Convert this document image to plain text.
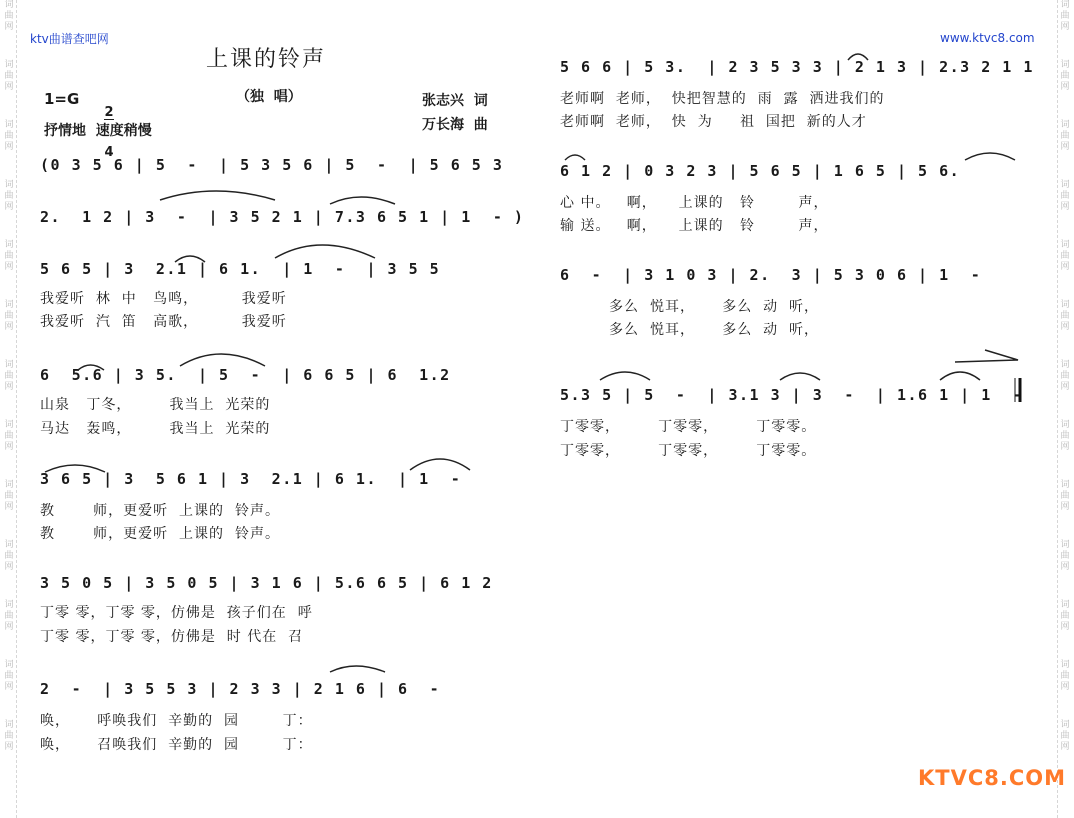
词
曲
网
词
曲
网
词
曲
网
词
曲
网
词
曲
网
词
曲
网
词
曲
网
词
曲
网
词
曲
网
词
曲
网
词
曲
网
词
曲
网
词
曲
网
词
曲
网
词
曲
网
词
曲
网
词
曲
网
词
曲
网
词
曲
网
词
曲
网
词
曲
网
词
曲
网
词
曲
网
词
曲
网
词
曲
网
词
曲
网
ktv曲谱查吧网	www.ktvc8.com
上课的铃声
（独  唱）
1=G

2

4

抒情地  速度稍慢
张志兴  词
万长海  曲
(0 3 5 6 | 5  -  | 5 3 5 6 | 5  -  | 5 6 5 3
2.  1 2 | 3  -  | 3 5 2 1 | 7.3 6 5 1 | 1  - )
5 6 5 | 3  2.1 | 6 1.  | 1  -  | 3 5 5
我爱听  林  中   鸟鸣，        我爱听
我爱听  汽  笛   高歌，        我爱听
6  5.6 | 3 5.  | 5  -  | 6 6 5 | 6  1.2
山泉   丁冬，       我当上  光荣的
马达   轰鸣，       我当上  光荣的
3 6 5 | 3  5 6 1 | 3  2.1 | 6 1.  | 1  -
教       师，更爱听  上课的  铃声。
教       师，更爱听  上课的  铃声。
3 5 0 5 | 3 5 0 5 | 3 1 6 | 5.6 6 5 | 6 1 2
丁零 零，丁零 零，仿佛是  孩子们在  呼
丁零 零，丁零 零，仿佛是  时 代在  召
2  -  | 3 5 5 3 | 2 3 3 | 2 1 6 | 6  -
唤，     呼唤我们  辛勤的  园        丁：
唤，     召唤我们  辛勤的  园        丁：
5 6 6 | 5 3.  | 2 3 5 3 3 | 2 1 3 | 2.3 2 1 1
老师啊  老师，  快把智慧的  雨  露  洒进我们的
老师啊  老师，  快  为     祖  国把  新的人才
6 1 2 | 0 3 2 3 | 5 6 5 | 1 6 5 | 5 6.
心 中。   啊，    上课的   铃        声，
输 送。   啊，    上课的   铃        声，
6  -  | 3 1 0 3 | 2.  3 | 5 3 0 6 | 1  -
多么  悦耳，     多么  动  听，
多么  悦耳，     多么  动  听，
5.3 5 | 5  -  | 3.1 3 | 3  -  | 1.6 1 | 1  -
丁零零，       丁零零，       丁零零。
丁零零，       丁零零，       丁零零。
KTVC8.COM
